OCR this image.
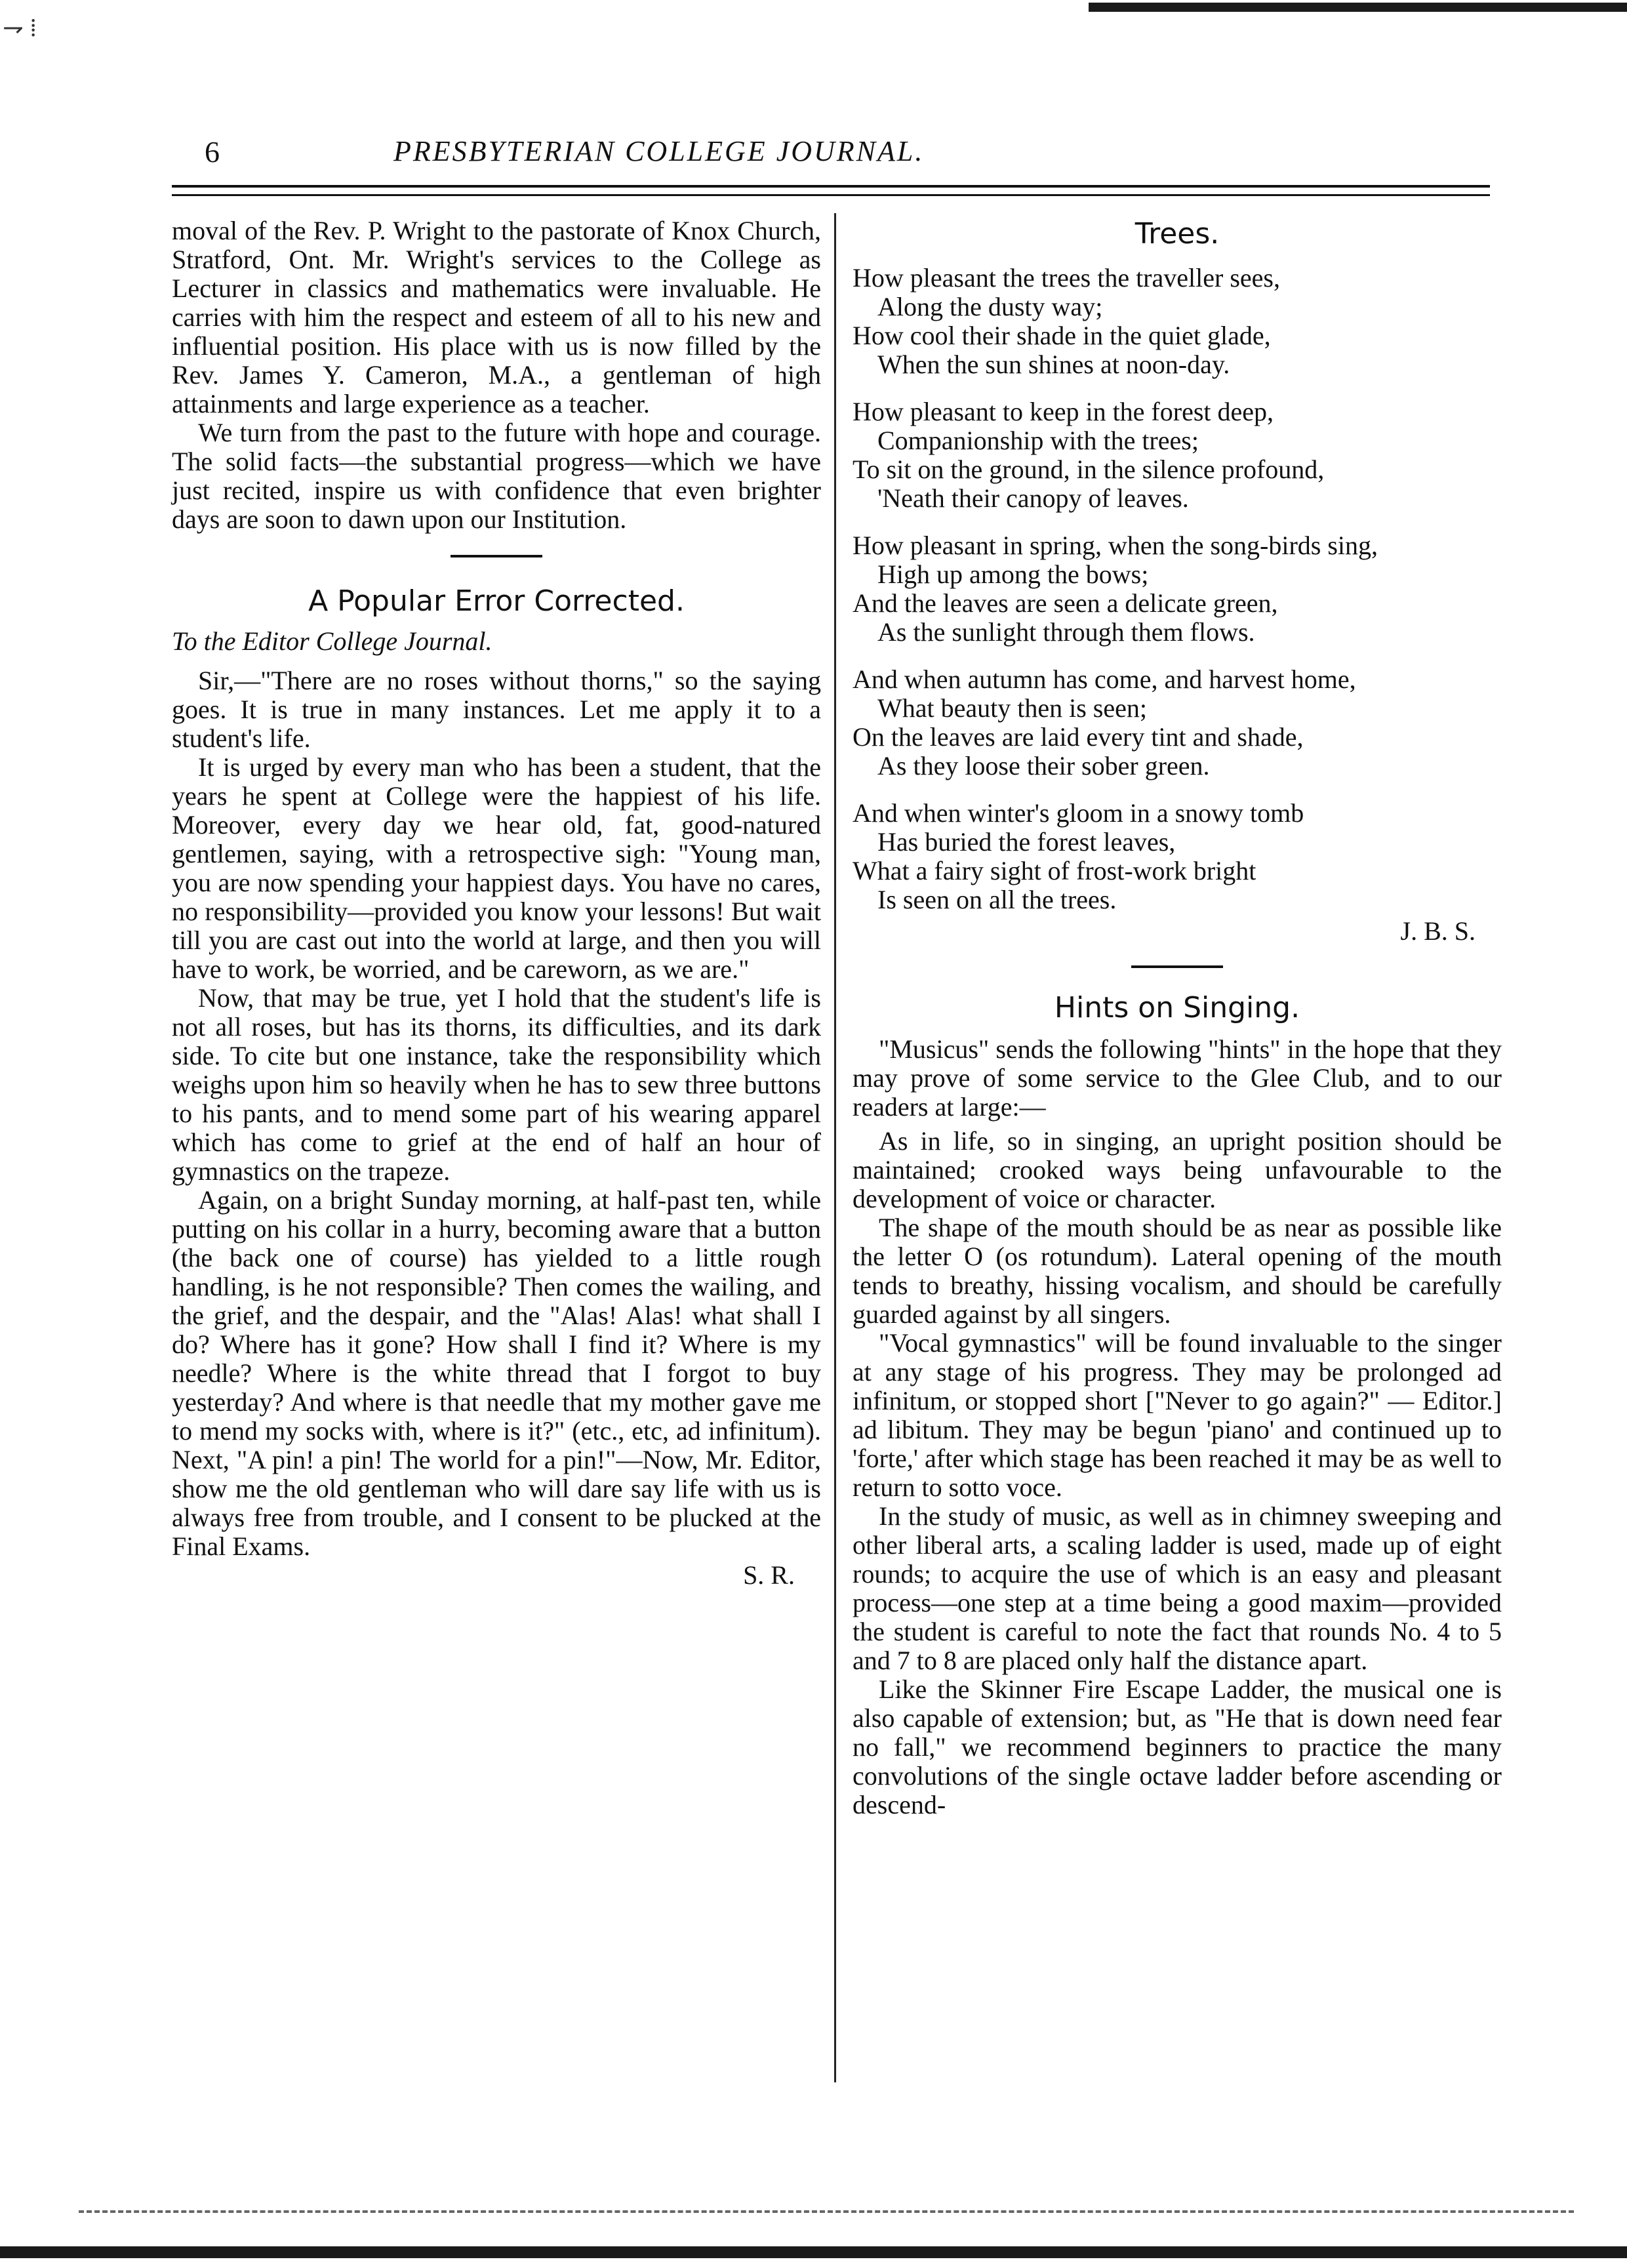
⇁ ⁞
6	PRESBYTERIAN COLLEGE JOURNAL.

moval of the Rev. P. Wright to the pastorate of Knox Church, Stratford, Ont. Mr. Wright's services to the College as Lecturer in classics and mathematics were invaluable. He carries with him the respect and esteem of all to his new and influential position. His place with us is now filled by the Rev. James Y. Cameron, M.A., a gentleman of high attainments and large experience as a teacher.

We turn from the past to the future with hope and courage. The solid facts—the substantial progress—which we have just recited, inspire us with confidence that even brighter days are soon to dawn upon our Institution.

A Popular Error Corrected.

To the Editor College Journal.

Sir,—"There are no roses without thorns," so the saying goes. It is true in many instances. Let me apply it to a student's life.

It is urged by every man who has been a student, that the years he spent at College were the happiest of his life. Moreover, every day we hear old, fat, good-natured gentlemen, saying, with a retrospective sigh: "Young man, you are now spending your happiest days. You have no cares, no responsibility—provided you know your lessons! But wait till you are cast out into the world at large, and then you will have to work, be worried, and be careworn, as we are."

Now, that may be true, yet I hold that the student's life is not all roses, but has its thorns, its difficulties, and its dark side. To cite but one instance, take the responsibility which weighs upon him so heavily when he has to sew three buttons to his pants, and to mend some part of his wearing apparel which has come to grief at the end of half an hour of gymnastics on the trapeze.

Again, on a bright Sunday morning, at half-past ten, while putting on his collar in a hurry, becoming aware that a button (the back one of course) has yielded to a little rough handling, is he not responsible? Then comes the wailing, and the grief, and the despair, and the "Alas! Alas! what shall I do? Where has it gone? How shall I find it? Where is my needle? Where is the white thread that I forgot to buy yesterday? And where is that needle that my mother gave me to mend my socks with, where is it?" (etc., etc, ad infinitum). Next, "A pin! a pin! The world for a pin!"—Now, Mr. Editor, show me the old gentleman who will dare say life with us is always free from trouble, and I consent to be plucked at the Final Exams.

S. R.

Trees.
How pleasant the trees the traveller sees,
Along the dusty way;
How cool their shade in the quiet glade,
When the sun shines at noon-day.
How pleasant to keep in the forest deep,
Companionship with the trees;
To sit on the ground, in the silence profound,
'Neath their canopy of leaves.
How pleasant in spring, when the song-birds sing,
High up among the bows;
And the leaves are seen a delicate green,
As the sunlight through them flows.
And when autumn has come, and harvest home,
What beauty then is seen;
On the leaves are laid every tint and shade,
As they loose their sober green.
And when winter's gloom in a snowy tomb
Has buried the forest leaves,
What a fairy sight of frost-work bright
Is seen on all the trees.

J. B. S.

Hints on Singing.

"Musicus" sends the following "hints" in the hope that they may prove of some service to the Glee Club, and to our readers at large:—

As in life, so in singing, an upright position should be maintained; crooked ways being unfavourable to the development of voice or character.

The shape of the mouth should be as near as possible like the letter O (os rotundum). Lateral opening of the mouth tends to breathy, hissing vocalism, and should be carefully guarded against by all singers.

"Vocal gymnastics" will be found invaluable to the singer at any stage of his progress. They may be prolonged ad infinitum, or stopped short ["Never to go again?" — Editor.] ad libitum. They may be begun 'piano' and continued up to 'forte,' after which stage has been reached it may be as well to return to sotto voce.

In the study of music, as well as in chimney sweeping and other liberal arts, a scaling ladder is used, made up of eight rounds; to acquire the use of which is an easy and pleasant process—one step at a time being a good maxim—provided the student is careful to note the fact that rounds No. 4 to 5 and 7 to 8 are placed only half the distance apart.

Like the Skinner Fire Escape Ladder, the musical one is also capable of extension; but, as "He that is down need fear no fall," we recommend beginners to practice the many convolutions of the single octave ladder before ascending or descend-
